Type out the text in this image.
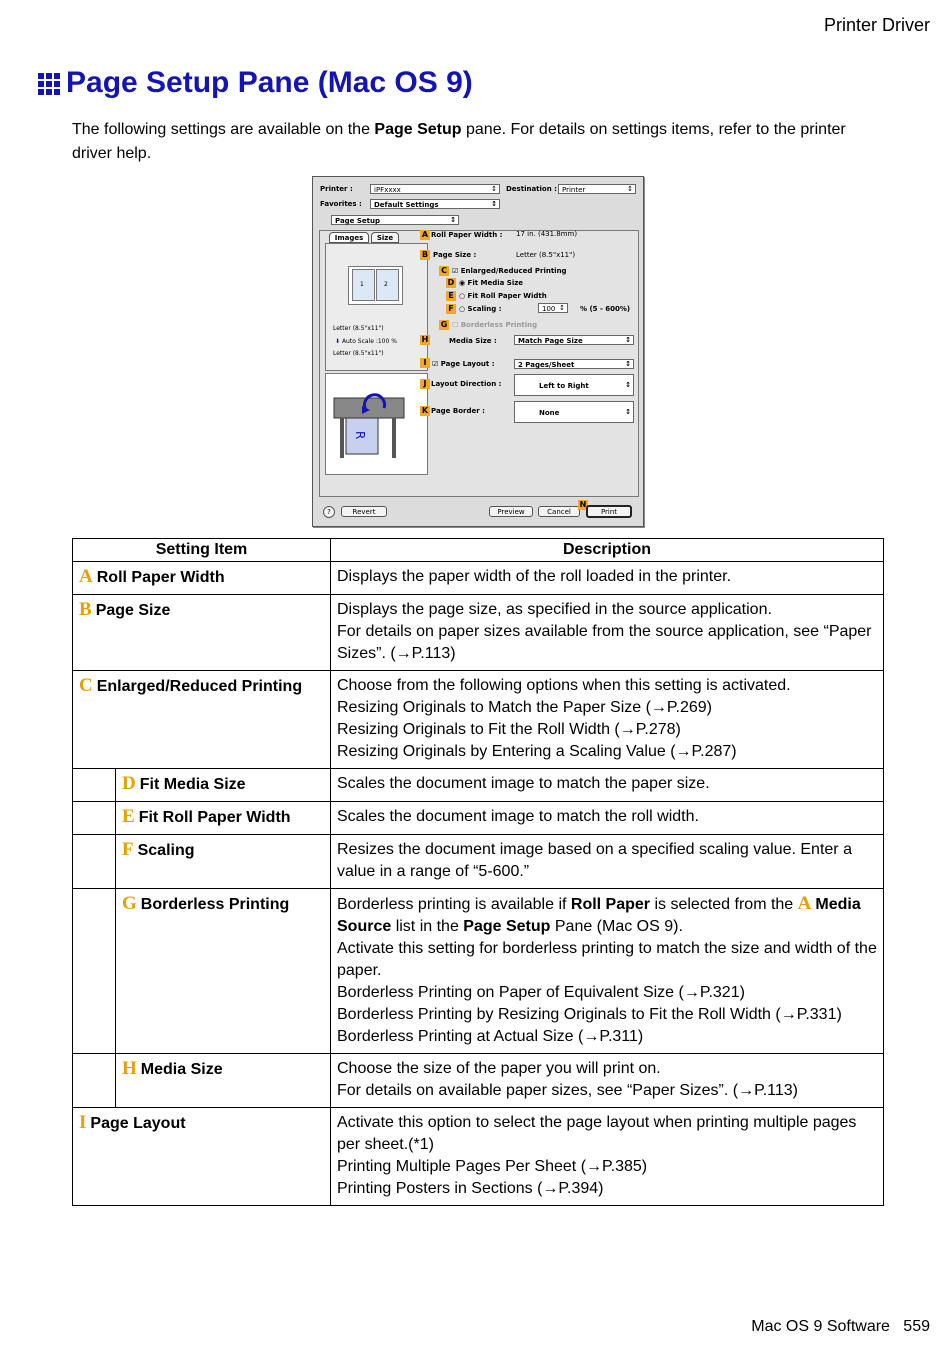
Printer Driver
Page Setup Pane (Mac OS 9)
The following settings are available on the Page Setup pane. For details on settings items, refer to the printer driver help.
Printer :	iPFxxxx ↕	Destination : Printer ↕
Favorites :	Default Settings ↕
Page Setup ↕
Images	Size
1	2
Letter (8.5"x11")
⬇ Auto Scale :100 %
Letter (8.5"x11")
R
A Roll Paper Width : 17 in. (431.8mm)
B Page Size :	Letter (8.5"x11")
C ☑ Enlarged/Reduced Printing
D ◉ Fit Media Size
E ○ Fit Roll Paper Width
F ○ Scaling :	100 ↕	% (5 - 600%)
G ☐ Borderless Printing
H	Media Size :	Match Page Size ↕
I ☑ Page Layout :	2 Pages/Sheet ↕
J Layout Direction :	Left to Right ↕
K Page Border :	None ↕
?	Revert	Preview	Cancel
N
Print
Setting Item		Description
A Roll Paper Width		Displays the paper width of the roll loaded in the printer.

B Page Size		Displays the page size, as specified in the source application.
For details on paper sizes available from the source application, see “Paper Sizes”. (→P.113)

C Enlarged/Reduced Printing		Choose from the following options when this setting is activated.
Resizing Originals to Match the Paper Size (→P.269)
Resizing Originals to Fit the Roll Width (→P.278)
Resizing Originals by Entering a Scaling Value (→P.287)

	D Fit Media Size	Scales the document image to match the paper size.

	E Fit Roll Paper Width	Scales the document image to match the roll width.

	F Scaling	Resizes the document image based on a specified scaling value. Enter a value in a range of “5-600.”

	G Borderless Printing	Borderless printing is available if Roll Paper is selected from the A Media Source list in the Page Setup Pane (Mac OS 9).
Activate this setting for borderless printing to match the size and width of the paper.
Borderless Printing on Paper of Equivalent Size (→P.321)
Borderless Printing by Resizing Originals to Fit the Roll Width (→P.331)
Borderless Printing at Actual Size (→P.311)

	H Media Size	Choose the size of the paper you will print on.
For details on available paper sizes, see “Paper Sizes”. (→P.113)

I Page Layout		Activate this option to select the page layout when printing multiple pages per sheet.(*1)
Printing Multiple Pages Per Sheet (→P.385)
Printing Posters in Sections (→P.394)
Mac OS 9 Software 559
